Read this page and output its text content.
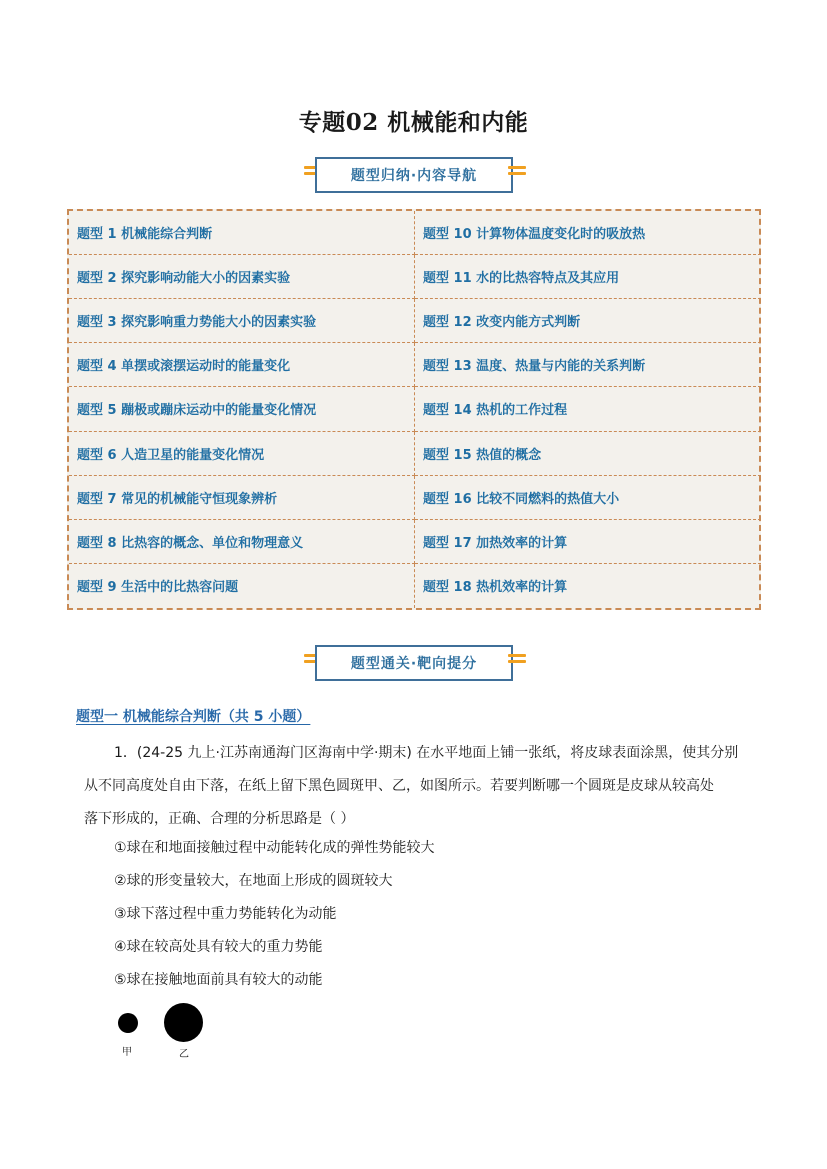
专题02 机械能和内能
题型归纳·内容导航
题型 1 机械能综合判断	题型 10 计算物体温度变化时的吸放热
题型 2 探究影响动能大小的因素实验	题型 11 水的比热容特点及其应用
题型 3 探究影响重力势能大小的因素实验	题型 12 改变内能方式判断
题型 4 单摆或滚摆运动时的能量变化	题型 13 温度、热量与内能的关系判断
题型 5 蹦极或蹦床运动中的能量变化情况	题型 14 热机的工作过程
题型 6 人造卫星的能量变化情况	题型 15 热值的概念
题型 7 常见的机械能守恒现象辨析	题型 16 比较不同燃料的热值大小
题型 8 比热容的概念、单位和物理意义	题型 17 加热效率的计算
题型 9 生活中的比热容问题	题型 18 热机效率的计算
题型通关·靶向提分
题型一 机械能综合判断（共 5 小题）
1．(24-25 九上·江苏南通海门区海南中学·期末) 在水平地面上铺一张纸，将皮球表面涂黑，使其分别
从不同高度处自由下落，在纸上留下黑色圆斑甲、乙，如图所示。若要判断哪一个圆斑是皮球从较高处
落下形成的，正确、合理的分析思路是（ ）
①球在和地面接触过程中动能转化成的弹性势能较大
②球的形变量较大，在地面上形成的圆斑较大
③球下落过程中重力势能转化为动能
④球在较高处具有较大的重力势能
⑤球在接触地面前具有较大的动能
甲	乙
